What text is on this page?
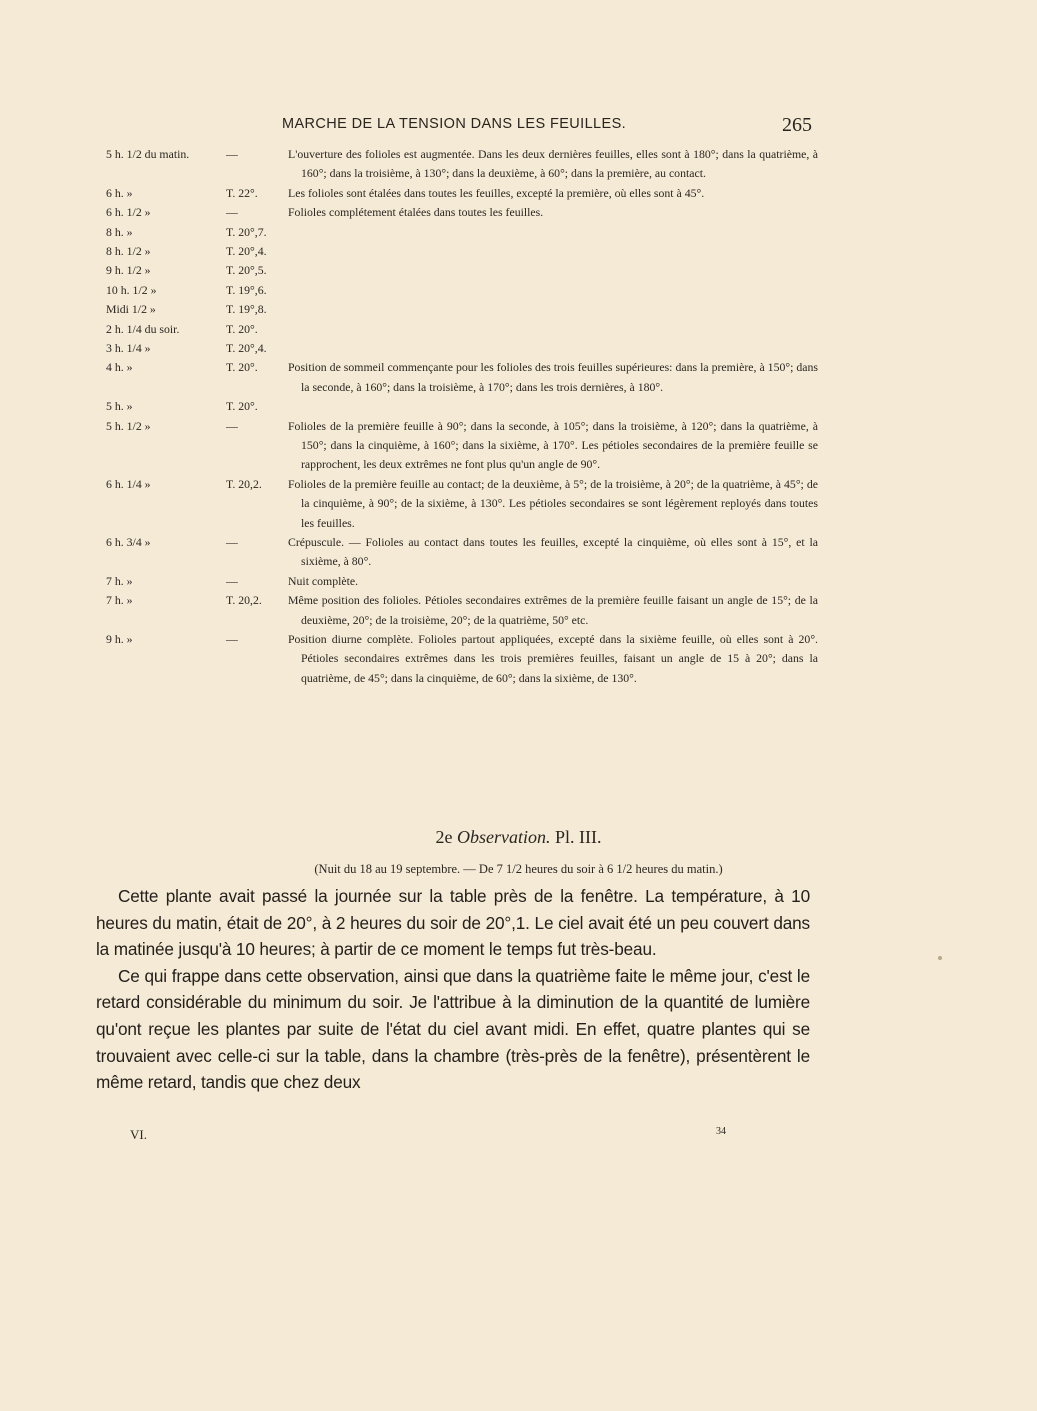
MARCHE DE LA TENSION DANS LES FEUILLES.	265
5 h. 1/2 du matin.	—	L'ouverture des folioles est augmentée. Dans les deux dernières feuilles, elles sont à 180°; dans la quatrième, à 160°; dans la troisième, à 130°; dans la deuxième, à 60°; dans la première, au contact.
6 h. »	T. 22°.	Les folioles sont étalées dans toutes les feuilles, excepté la première, où elles sont à 45°.
6 h. 1/2 »	—	Folioles complétement étalées dans toutes les feuilles.
8 h. »	T. 20°,7.
8 h. 1/2 »	T. 20°,4.
9 h. 1/2 »	T. 20°,5.
10 h. 1/2 »	T. 19°,6.
Midi 1/2 »	T. 19°,8.
2 h. 1/4 du soir.	T. 20°.
3 h. 1/4 »	T. 20°,4.
4 h. »	T. 20°.	Position de sommeil commençante pour les folioles des trois feuilles supérieures: dans la première, à 150°; dans la seconde, à 160°; dans la troisième, à 170°; dans les trois dernières, à 180°.
5 h. »	T. 20°.
5 h. 1/2 »	—	Folioles de la première feuille à 90°; dans la seconde, à 105°; dans la troisième, à 120°; dans la quatrième, à 150°; dans la cinquième, à 160°; dans la sixième, à 170°. Les pétioles secondaires de la première feuille se rapprochent, les deux extrêmes ne font plus qu'un angle de 90°.
6 h. 1/4 »	T. 20,2. Folioles de la première feuille au contact; de la deuxième, à 5°; de la troisième, à 20°; de la quatrième, à 45°; de la cinquième, à 90°; de la sixième, à 130°. Les pétioles secondaires se sont légèrement reployés dans toutes les feuilles.
6 h. 3/4 »	—	Crépuscule. — Folioles au contact dans toutes les feuilles, excepté la cinquième, où elles sont à 15°, et la sixième, à 80°.
7 h. »	—	Nuit complète.
7 h. »	T. 20,2. Même position des folioles. Pétioles secondaires extrêmes de la première feuille faisant un angle de 15°; de la deuxième, 20°; de la troisième, 20°; de la quatrième, 50° etc.
9 h. »	—	Position diurne complète. Folioles partout appliquées, excepté dans la sixième feuille, où elles sont à 20°. Pétioles secondaires extrêmes dans les trois premières feuilles, faisant un angle de 15 à 20°; dans la quatrième, de 45°; dans la cinquième, de 60°; dans la sixième, de 130°.
2e Observation. Pl. III.
(Nuit du 18 au 19 septembre. — De 7 1/2 heures du soir à 6 1/2 heures du matin.)

Cette plante avait passé la journée sur la table près de la fenêtre. La température, à 10 heures du matin, était de 20°, à 2 heures du soir de 20°,1. Le ciel avait été un peu couvert dans la matinée jusqu'à 10 heures; à partir de ce moment le temps fut très-beau.

Ce qui frappe dans cette observation, ainsi que dans la quatrième faite le même jour, c'est le retard considérable du minimum du soir. Je l'attribue à la diminution de la quantité de lumière qu'ont reçue les plantes par suite de l'état du ciel avant midi. En effet, quatre plantes qui se trouvaient avec celle-ci sur la table, dans la chambre (très-près de la fenêtre), présentèrent le même retard, tandis que chez deux

VI.	34
